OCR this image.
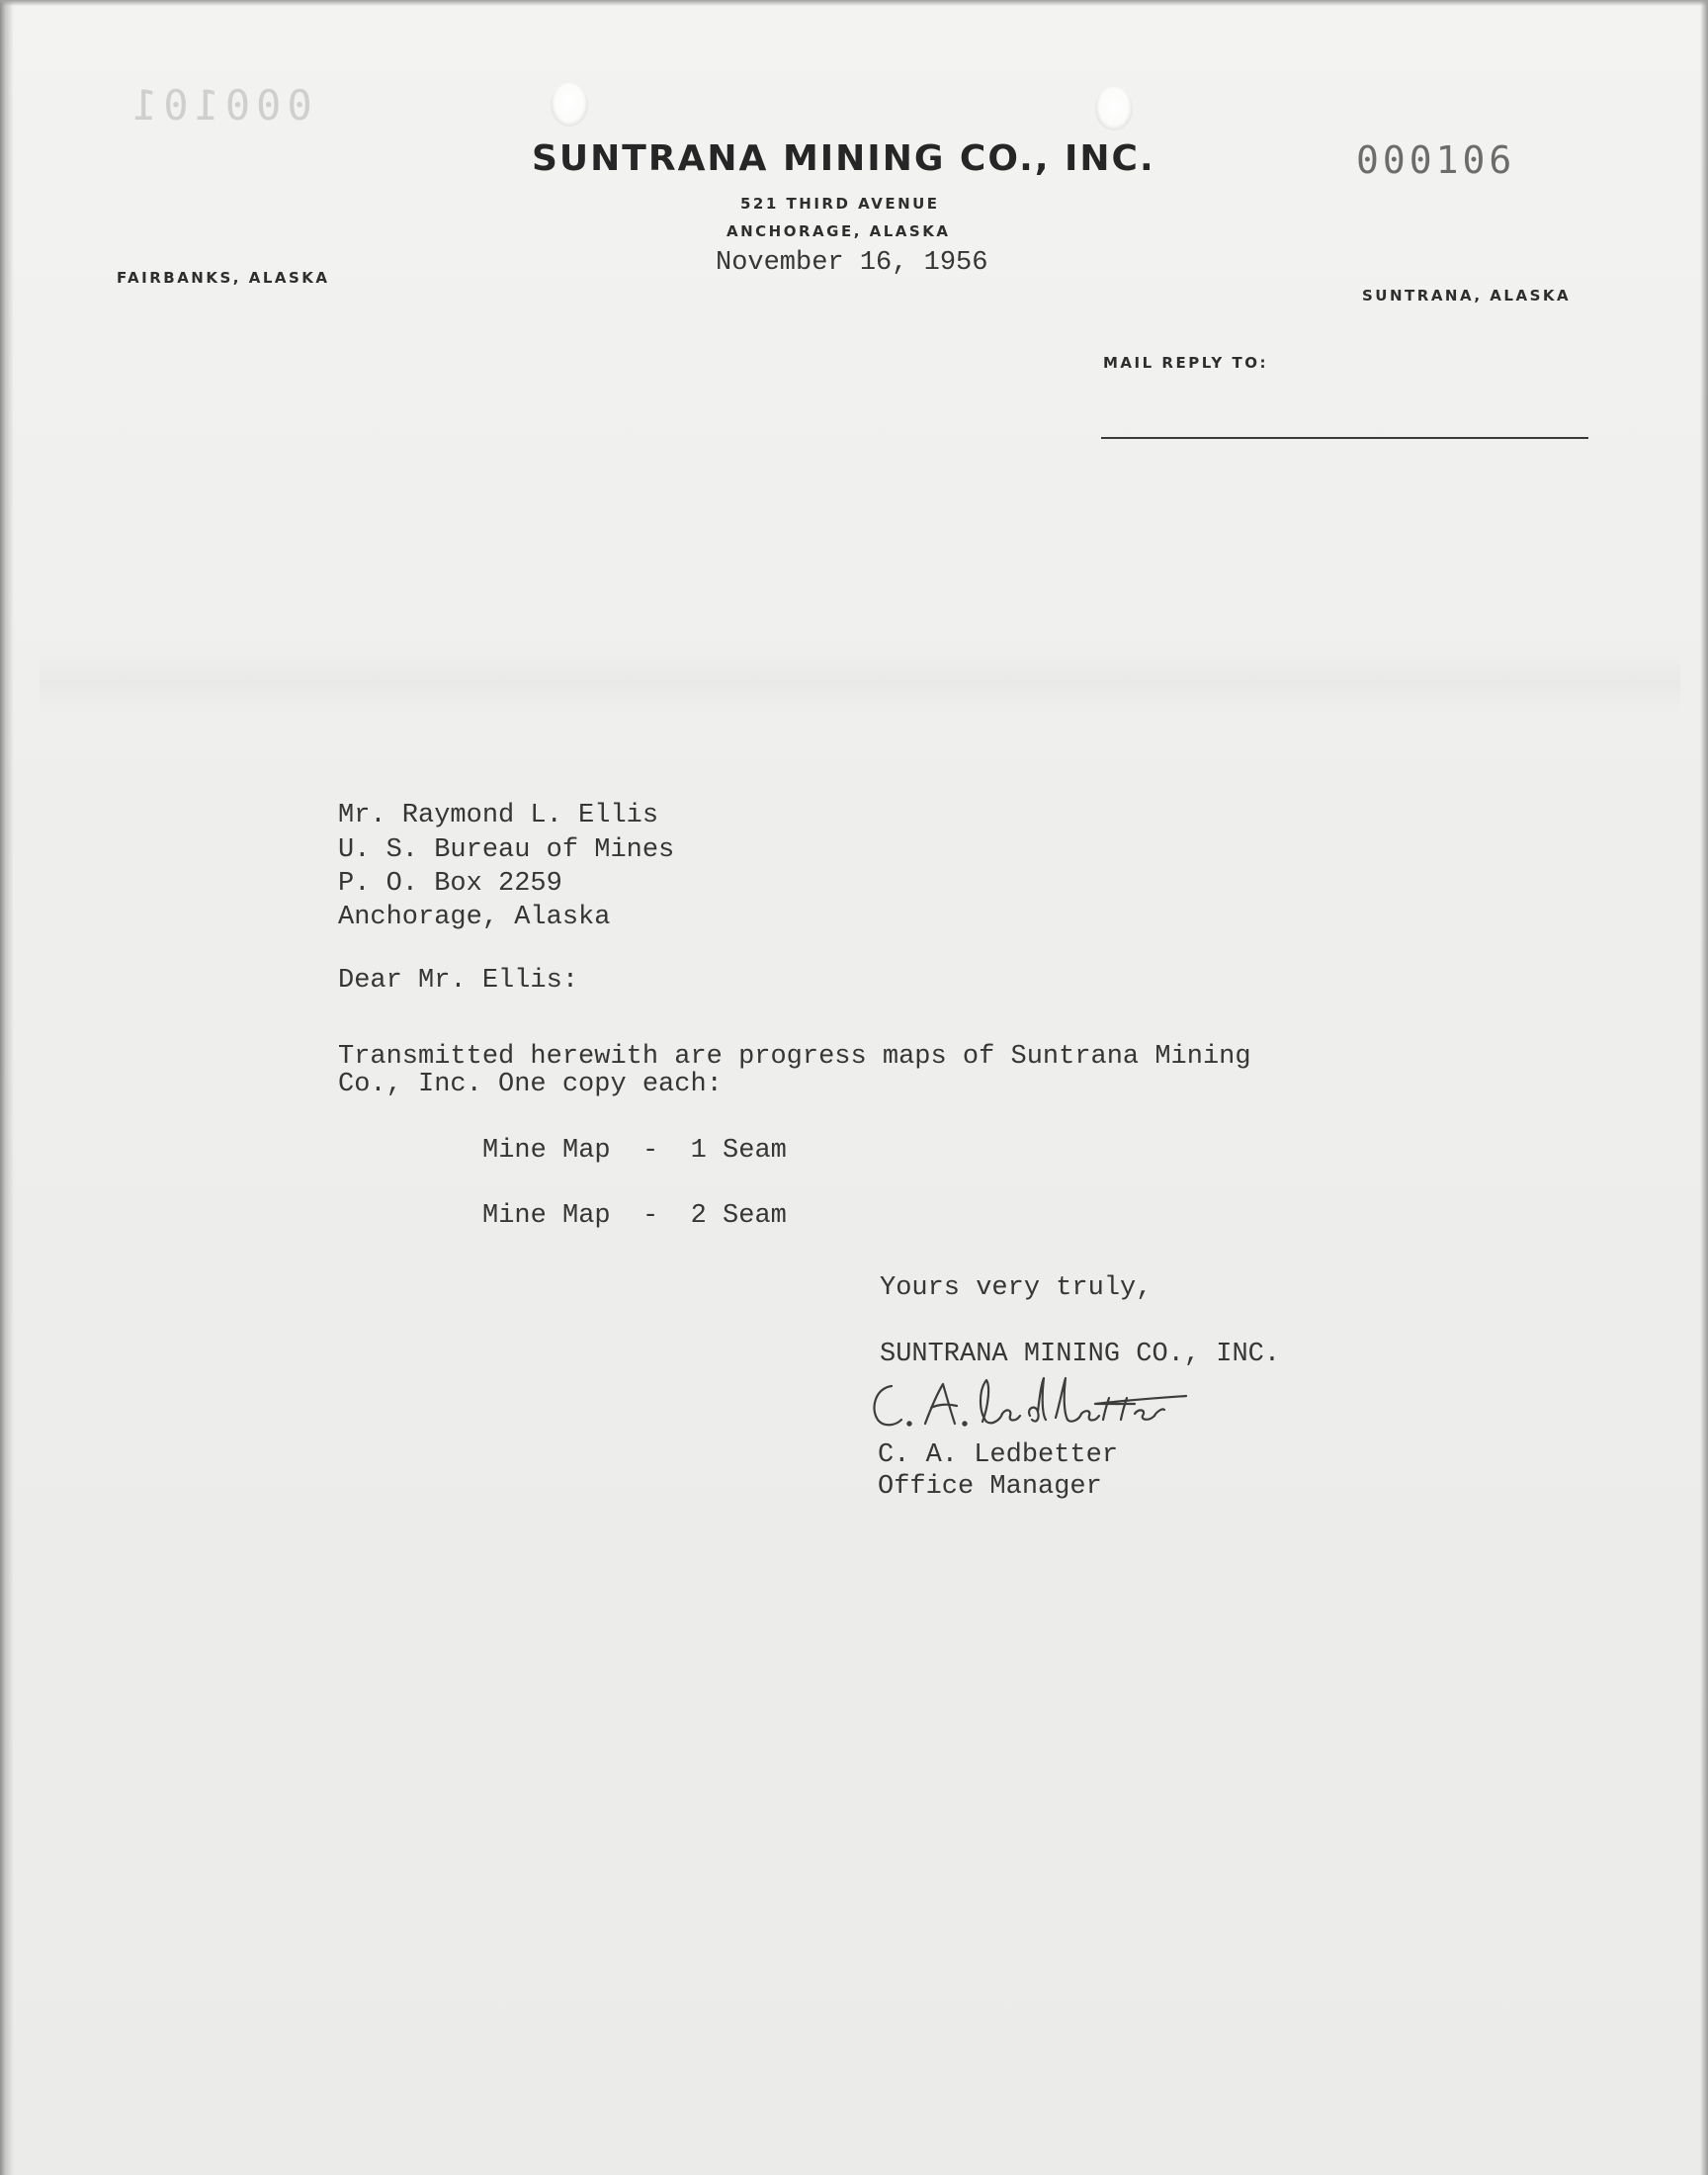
000101
000106
SUNTRANA MINING CO., INC.
521 THIRD AVENUE
ANCHORAGE, ALASKA
FAIRBANKS, ALASKA
SUNTRANA, ALASKA
MAIL REPLY TO:
November 16, 1956
Mr. Raymond L. Ellis
U. S. Bureau of Mines
P. O. Box 2259
Anchorage, Alaska
Dear Mr. Ellis:
Transmitted herewith are progress maps of Suntrana Mining
Co., Inc. One copy each:
Mine Map  -  1 Seam
Mine Map  -  2 Seam
Yours very truly,
SUNTRANA MINING CO., INC.
C. A. Ledbetter
Office Manager
